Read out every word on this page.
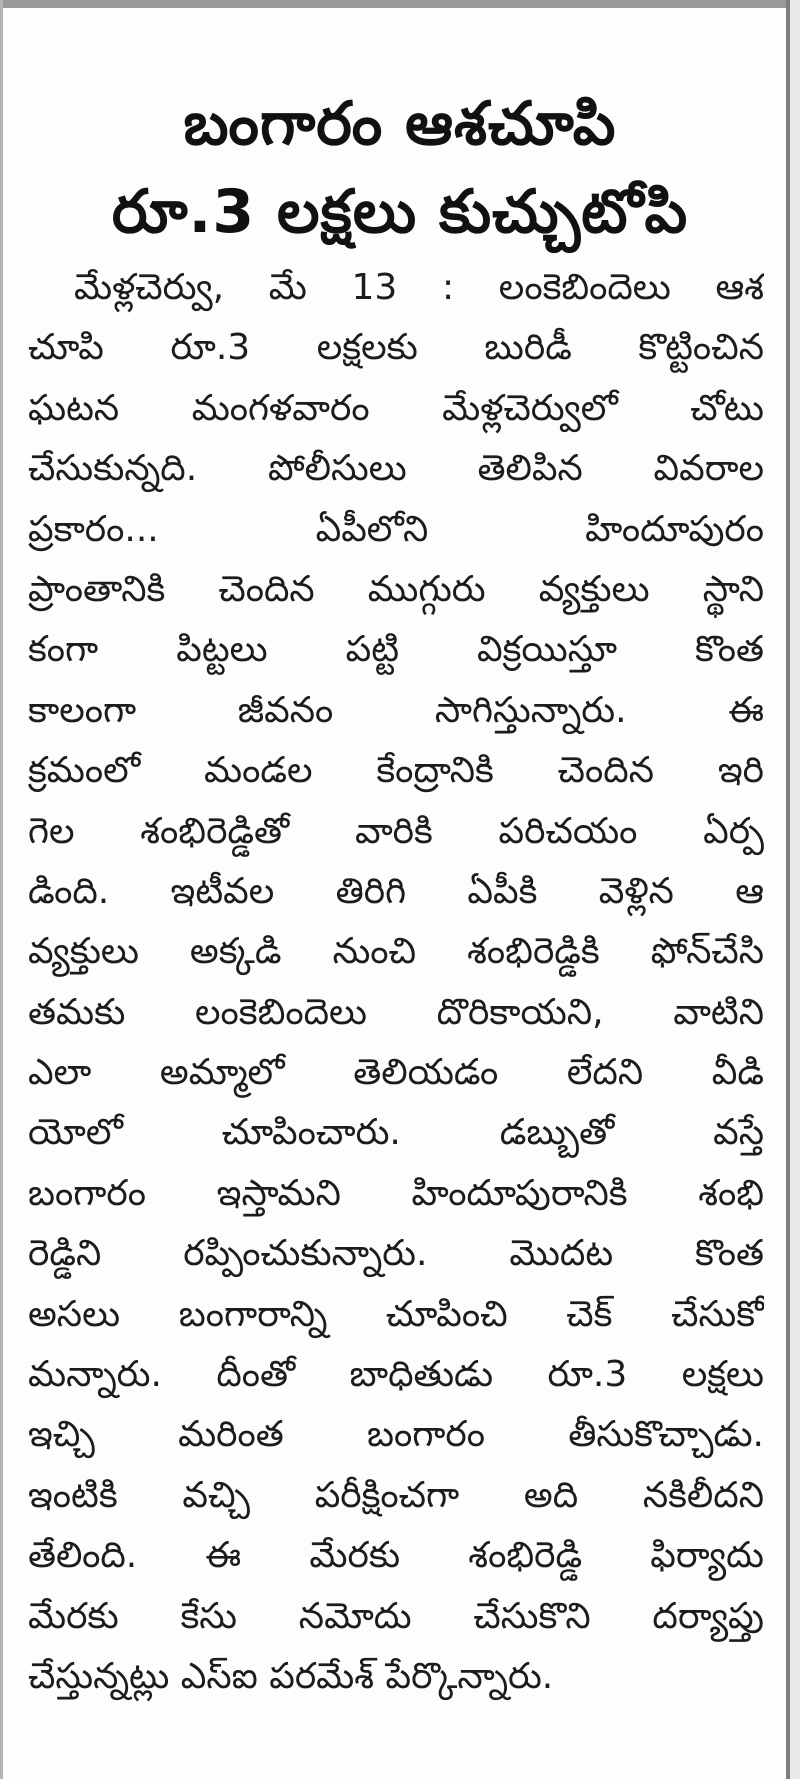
బంగారం ఆశచూపి
రూ.3 లక్షలు కుచ్చుటోపి
మేళ్లచెర్వు, మే 13 : లంకెబిందెలు ఆశ
చూపి రూ.3 లక్షలకు బురిడీ కొట్టించిన
ఘటన మంగళవారం మేళ్లచెర్వులో చోటు
చేసుకున్నది. పోలీసులు తెలిపిన వివరాల
ప్రకారం... ఏపీలోని హిందూపురం
ప్రాంతానికి చెందిన ముగ్గురు వ్యక్తులు స్థాని
కంగా పిట్టలు పట్టి విక్రయిస్తూ కొంత
కాలంగా జీవనం సాగిస్తున్నారు. ఈ
క్రమంలో మండల కేంద్రానికి చెందిన ఇరి
గెల శంభిరెడ్డితో వారికి పరిచయం ఏర్ప
డింది. ఇటీవల తిరిగి ఏపీకి వెళ్లిన ఆ
వ్యక్తులు అక్కడి నుంచి శంభిరెడ్డికి ఫోన్‌చేసి
తమకు లంకెబిందెలు దొరికాయని, వాటిని
ఎలా అమ్మాలో తెలియడం లేదని వీడి
యోలో చూపించారు. డబ్బుతో వస్తే
బంగారం ఇస్తామని హిందూపురానికి శంభి
రెడ్డిని రప్పించుకున్నారు. మొదట కొంత
అసలు బంగారాన్ని చూపించి చెక్ చేసుకో
మన్నారు. దీంతో బాధితుడు రూ.3 లక్షలు
ఇచ్చి మరింత బంగారం తీసుకొచ్చాడు.
ఇంటికి వచ్చి పరీక్షించగా అది నకిలీదని
తేలింది. ఈ మేరకు శంభిరెడ్డి ఫిర్యాదు
మేరకు కేసు నమోదు చేసుకొని దర్యాప్తు
చేస్తున్నట్లు ఎస్‌ఐ పరమేశ్ పేర్కొన్నారు.
